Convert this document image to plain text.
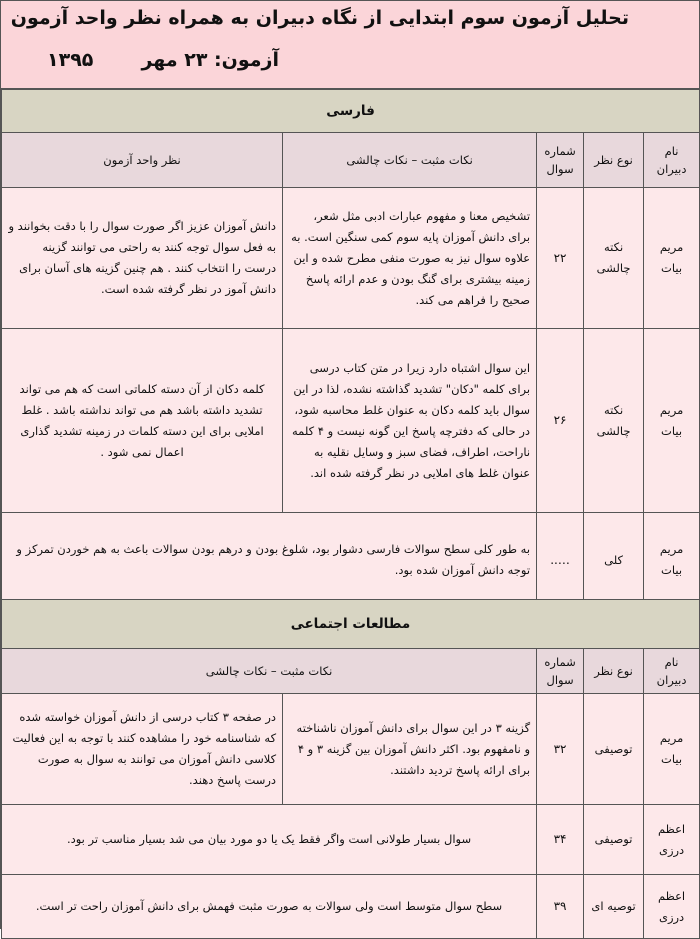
تحلیل آزمون سوم ابتدایی از نگاه دبیران به همراه نظر واحد آزمون
آزمون: ۲۳ مهر
۱۳۹۵
فارسی				
نام دبیران	نوع نظر	شماره سوال	نکات مثبت – نکات چالشی	نظر واحد آزمون
مریم بیات	نکته چالشی	۲۲	تشخیص معنا و مفهوم عبارات ادبی مثل شعر، برای دانش آموزان پایه سوم کمی سنگین است. به علاوه سوال نیز به صورت منفی مطرح شده و این زمینه بیشتری برای گنگ بودن و عدم ارائه پاسخ صحیح را فراهم می کند.	دانش آموزان عزیز اگر صورت سوال را با دقت بخوانند و به فعل سوال توجه کنند به راحتی می توانند گزینه درست را انتخاب کنند . هم چنین گزینه های آسان برای دانش آموز در نظر گرفته شده است.
مریم بیات	نکته چالشی	۲۶	این سوال اشتباه دارد زیرا در متن کتاب درسی برای کلمه "دکان" تشدید گذاشته نشده، لذا در این سوال باید کلمه دکان به عنوان غلط محاسبه شود، در حالی که دفترچه پاسخ این گونه نیست و ۴ کلمه ناراحت، اطراف، فضای سبز و وسایل نقلیه به عنوان غلط های املایی در نظر گرفته شده اند.	کلمه دکان از آن دسته کلماتی است که هم می تواند تشدید داشته باشد هم می تواند نداشته باشد . غلط املایی برای این دسته کلمات در زمینه تشدید گذاری اعمال نمی شود .
مریم بیات	کلی	…..	به طور کلی سطح سوالات فارسی دشوار بود، شلوغ بودن و درهم بودن سوالات باعث به هم خوردن تمرکز و توجه دانش آموزان شده بود.	
مطالعات اجتماعی				
نام دبیران	نوع نظر	شماره سوال	نکات مثبت – نکات چالشی	
مریم بیات	توصیفی	۳۲	گزینه ۳ در این سوال برای دانش آموزان ناشناخته و نامفهوم بود. اکثر دانش آموزان بین گزینه ۳ و ۴ برای ارائه پاسخ تردید داشتند.	در صفحه ۳ کتاب درسی از دانش آموزان خواسته شده که شناسنامه خود را مشاهده کنند با توجه به این فعالیت کلاسی دانش آموزان می توانند به سوال به صورت درست پاسخ دهند.
اعظم درزی	توصیفی	۳۴	سوال بسیار طولانی است واگر فقط یک یا دو مورد بیان می شد بسیار مناسب تر بود.	
اعظم درزی	توصیه ای	۳۹	سطح سوال متوسط است ولی سوالات به صورت مثبت فهمش برای دانش آموزان راحت تر است.	
